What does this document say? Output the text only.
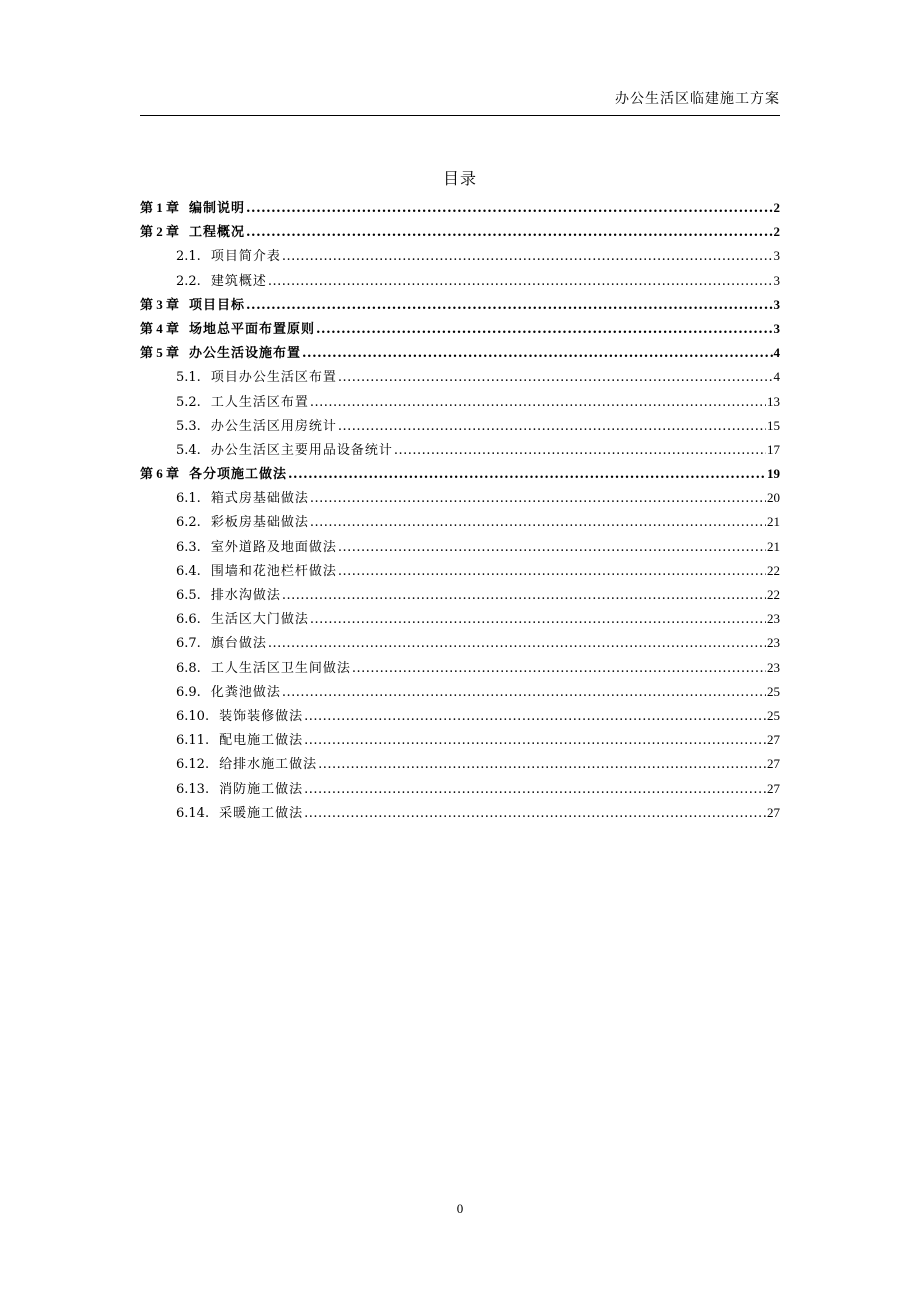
办公生活区临建施工方案
目录
第 1 章 编制说明 .....	2
第 2 章 工程概况 .....	2
2.1. 项目简介表 .....	3
2.2. 建筑概述 .....	3
第 3 章 项目目标 .....	3
第 4 章 场地总平面布置原则 .....	3
第 5 章 办公生活设施布置 .....	4
5.1. 项目办公生活区布置 .....	4
5.2. 工人生活区布置 .....	13
5.3. 办公生活区用房统计 .....	15
5.4. 办公生活区主要用品设备统计 .....	17
第 6 章 各分项施工做法 .....	19
6.1. 箱式房基础做法 .....	20
6.2. 彩板房基础做法 .....	21
6.3. 室外道路及地面做法 .....	21
6.4. 围墙和花池栏杆做法 .....	22
6.5. 排水沟做法 .....	22
6.6. 生活区大门做法 .....	23
6.7. 旗台做法 .....	23
6.8. 工人生活区卫生间做法 .....	23
6.9. 化粪池做法 .....	25
6.10. 装饰装修做法 .....	25
6.11. 配电施工做法 .....	27
6.12. 给排水施工做法 .....	27
6.13. 消防施工做法 .....	27
6.14. 采暖施工做法 .....	27
0
